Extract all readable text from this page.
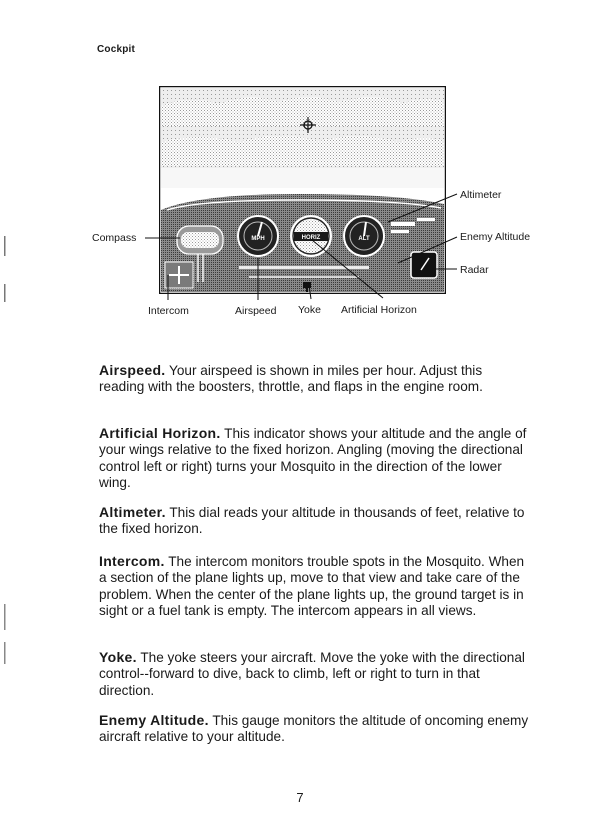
Cockpit
MPH	HORIZ	ALT
Compass
Altimeter
Enemy Altitude
Radar
Intercom	Airspeed Yoke Artificial Horizon
Airspeed. Your airspeed is shown in miles per hour. Adjust this reading with the boosters, throttle, and flaps in the engine room.
Artificial Horizon. This indicator shows your altitude and the angle of your wings relative to the fixed horizon. Angling (moving the directional control left or right) turns your Mosquito in the direction of the lower wing.
Altimeter. This dial reads your altitude in thousands of feet, relative to the fixed horizon.
Intercom. The intercom monitors trouble spots in the Mosquito. When a section of the plane lights up, move to that view and take care of the problem. When the center of the plane lights up, the ground target is in sight or a fuel tank is empty. The intercom appears in all views.
Yoke. The yoke steers your aircraft. Move the yoke with the directional control--forward to dive, back to climb, left or right to turn in that direction.
Enemy Altitude. This gauge monitors the altitude of oncoming enemy aircraft relative to your altitude.
7
